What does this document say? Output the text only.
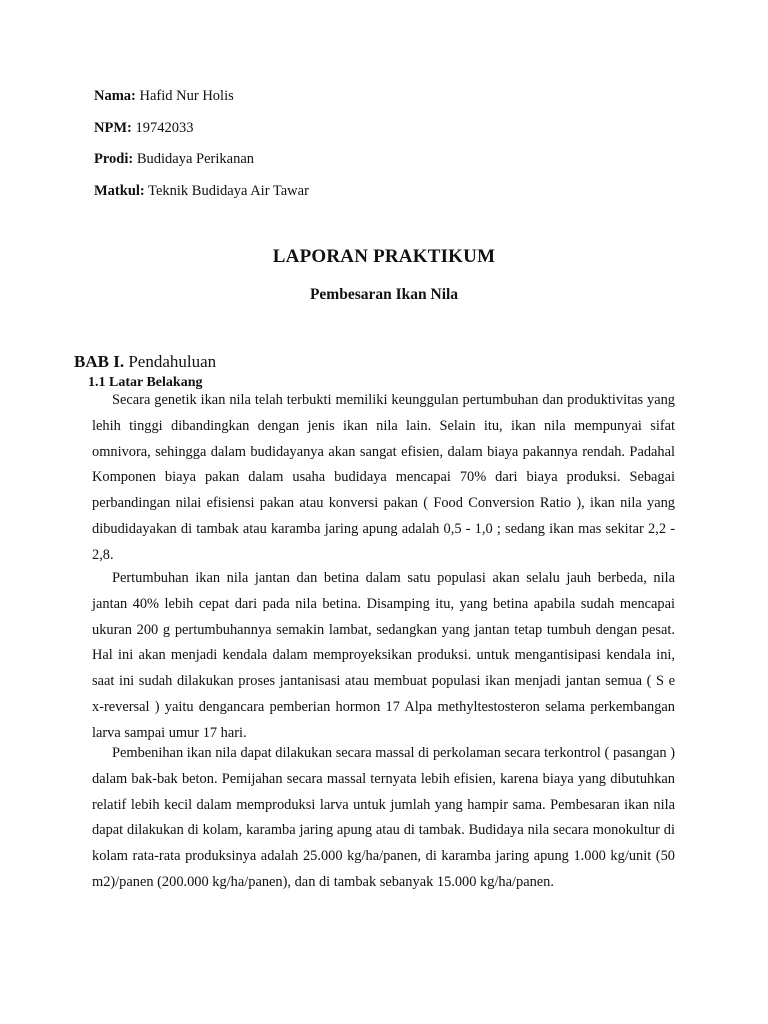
Nama: Hafid Nur Holis
NPM: 19742033
Prodi: Budidaya Perikanan
Matkul: Teknik Budidaya Air Tawar
LAPORAN PRAKTIKUM
Pembesaran Ikan Nila
BAB I. Pendahuluan
1.1 Latar Belakang

Secara genetik ikan nila telah terbukti memiliki keunggulan pertumbuhan dan produktivitas yang lehih tinggi dibandingkan dengan jenis ikan nila lain. Selain itu, ikan nila mempunyai sifat omnivora, sehingga dalam budidayanya akan sangat efisien, dalam biaya pakannya rendah. Padahal Komponen biaya pakan dalam usaha budidaya mencapai 70% dari biaya produksi. Sebagai perbandingan nilai efisiensi pakan atau konversi pakan ( Food Conversion Ratio ), ikan nila yang dibudidayakan di tambak atau karamba jaring apung adalah 0,5 - 1,0 ; sedang ikan mas sekitar 2,2 - 2,8.

Pertumbuhan ikan nila jantan dan betina dalam satu populasi akan selalu jauh berbeda, nila jantan 40% lebih cepat dari pada nila betina. Disamping itu, yang betina apabila sudah mencapai ukuran 200 g pertumbuhannya semakin lambat, sedangkan yang jantan tetap tumbuh dengan pesat. Hal ini akan menjadi kendala dalam memproyeksikan produksi. untuk mengantisipasi kendala ini, saat ini sudah dilakukan proses jantanisasi atau membuat populasi ikan menjadi jantan semua ( S e x-reversal ) yaitu dengancara pemberian hormon 17 Alpa methyltestosteron selama perkembangan larva sampai umur 17 hari.

Pembenihan ikan nila dapat dilakukan secara massal di perkolaman secara terkontrol ( pasangan ) dalam bak-bak beton. Pemijahan secara massal ternyata lebih efisien, karena biaya yang dibutuhkan relatif lebih kecil dalam memproduksi larva untuk jumlah yang hampir sama. Pembesaran ikan nila dapat dilakukan di kolam, karamba jaring apung atau di tambak. Budidaya nila secara monokultur di kolam rata-rata produksinya adalah 25.000 kg/ha/panen, di karamba jaring apung 1.000 kg/unit (50 m2)/panen (200.000 kg/ha/panen), dan di tambak sebanyak 15.000 kg/ha/panen.
